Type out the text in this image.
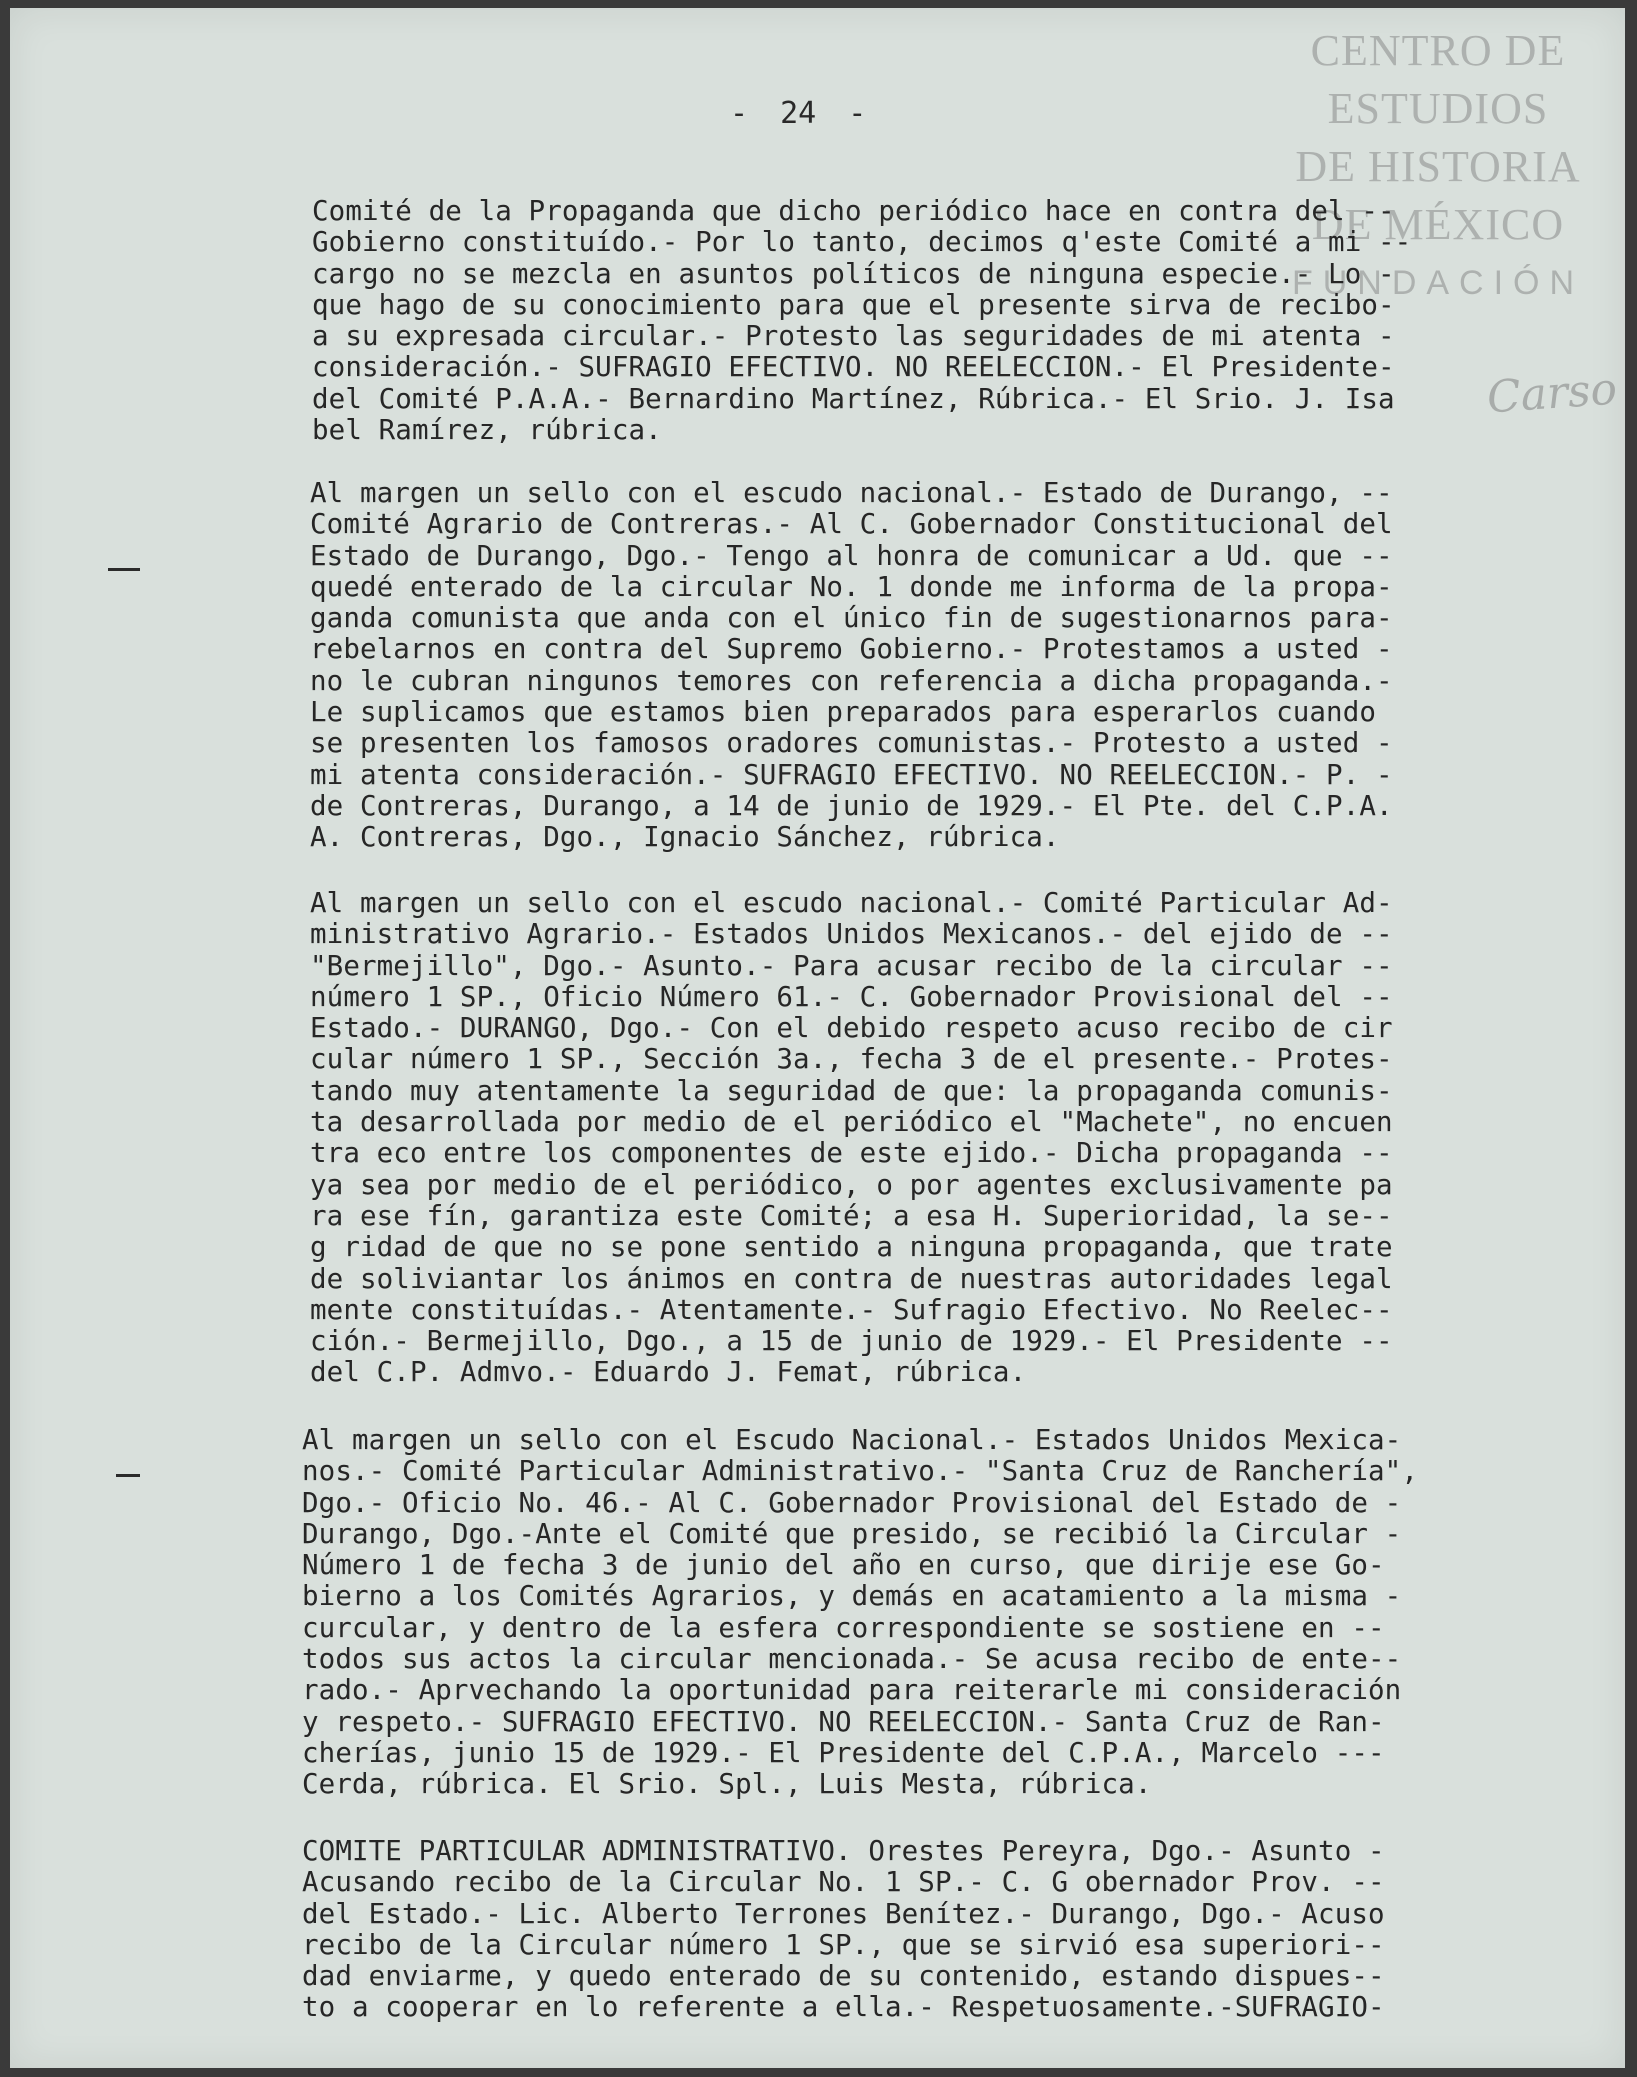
CENTRO DE
ESTUDIOS
DE HISTORIA
DE MÉXICO
FUNDACIÓN
Carso
- 24 -
Comité de la Propaganda que dicho periódico hace en contra del --
Gobierno constituído.- Por lo tanto, decimos q'este Comité a mi --
cargo no se mezcla en asuntos políticos de ninguna especie.- Lo -
que hago de su conocimiento para que el presente sirva de recibo-
a su expresada circular.- Protesto las seguridades de mi atenta -
consideración.- SUFRAGIO EFECTIVO. NO REELECCION.- El Presidente-
del Comité P.A.A.- Bernardino Martínez, Rúbrica.- El Srio. J. Isa
bel Ramírez, rúbrica.
Al margen un sello con el escudo nacional.- Estado de Durango, --
Comité Agrario de Contreras.- Al C. Gobernador Constitucional del
Estado de Durango, Dgo.- Tengo al honra de comunicar a Ud. que --
quedé enterado de la circular No. 1 donde me informa de la propa-
ganda comunista que anda con el único fin de sugestionarnos para-
rebelarnos en contra del Supremo Gobierno.- Protestamos a usted -
no le cubran ningunos temores con referencia a dicha propaganda.-
Le suplicamos que estamos bien preparados para esperarlos cuando
se presenten los famosos oradores comunistas.- Protesto a usted -
mi atenta consideración.- SUFRAGIO EFECTIVO. NO REELECCION.- P. -
de Contreras, Durango, a 14 de junio de 1929.- El Pte. del C.P.A.
A. Contreras, Dgo., Ignacio Sánchez, rúbrica.
Al margen un sello con el escudo nacional.- Comité Particular Ad-
ministrativo Agrario.- Estados Unidos Mexicanos.- del ejido de --
"Bermejillo", Dgo.- Asunto.- Para acusar recibo de la circular --
número 1 SP., Oficio Número 61.- C. Gobernador Provisional del --
Estado.- DURANGO, Dgo.- Con el debido respeto acuso recibo de cir
cular número 1 SP., Sección 3a., fecha 3 de el presente.- Protes-
tando muy atentamente la seguridad de que: la propaganda comunis-
ta desarrollada por medio de el periódico el "Machete", no encuen
tra eco entre los componentes de este ejido.- Dicha propaganda --
ya sea por medio de el periódico, o por agentes exclusivamente pa
ra ese fín, garantiza este Comité; a esa H. Superioridad, la se--
g ridad de que no se pone sentido a ninguna propaganda, que trate
de soliviantar los ánimos en contra de nuestras autoridades legal
mente constituídas.- Atentamente.- Sufragio Efectivo. No Reelec--
ción.- Bermejillo, Dgo., a 15 de junio de 1929.- El Presidente --
del C.P. Admvo.- Eduardo J. Femat, rúbrica.
Al margen un sello con el Escudo Nacional.- Estados Unidos Mexica-
nos.- Comité Particular Administrativo.- "Santa Cruz de Ranchería",
Dgo.- Oficio No. 46.- Al C. Gobernador Provisional del Estado de -
Durango, Dgo.-Ante el Comité que presido, se recibió la Circular -
Número 1 de fecha 3 de junio del año en curso, que dirije ese Go-
bierno a los Comités Agrarios, y demás en acatamiento a la misma -
curcular, y dentro de la esfera correspondiente se sostiene en --
todos sus actos la circular mencionada.- Se acusa recibo de ente--
rado.- Aprvechando la oportunidad para reiterarle mi consideración
y respeto.- SUFRAGIO EFECTIVO. NO REELECCION.- Santa Cruz de Ran-
cherías, junio 15 de 1929.- El Presidente del C.P.A., Marcelo ---
Cerda, rúbrica. El Srio. Spl., Luis Mesta, rúbrica.
COMITE PARTICULAR ADMINISTRATIVO. Orestes Pereyra, Dgo.- Asunto -
Acusando recibo de la Circular No. 1 SP.- C. G obernador Prov. --
del Estado.- Lic. Alberto Terrones Benítez.- Durango, Dgo.- Acuso
recibo de la Circular número 1 SP., que se sirvió esa superiori--
dad enviarme, y quedo enterado de su contenido, estando dispues--
to a cooperar en lo referente a ella.- Respetuosamente.-SUFRAGIO-
